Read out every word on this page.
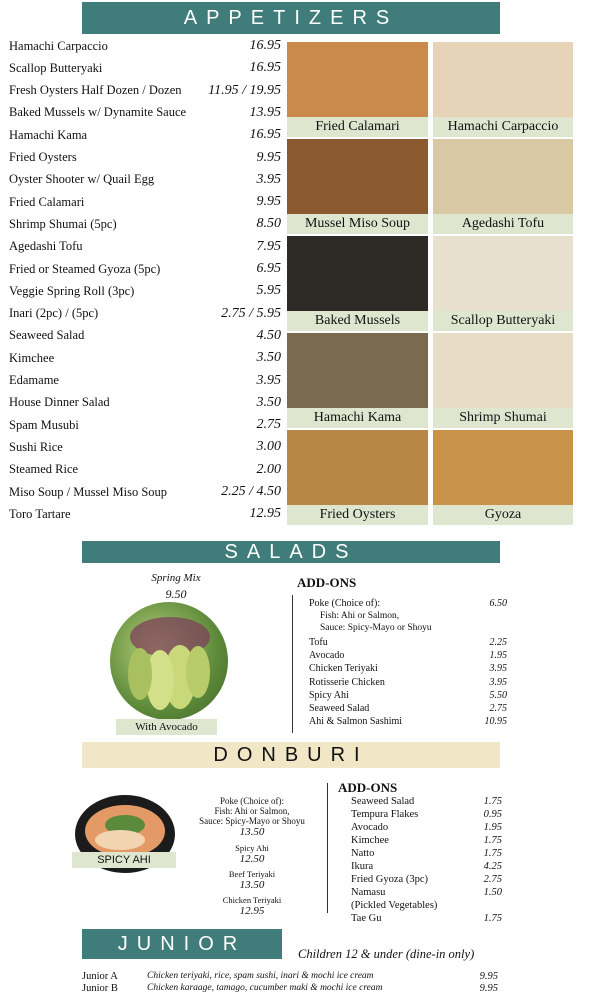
APPETIZERS
Hamachi Carpaccio	16.95
Scallop Butteryaki	16.95
Fresh Oysters Half Dozen / Dozen 11.95 / 19.95
Baked Mussels w/ Dynamite Sauce	13.95
Hamachi Kama	16.95
Fried Oysters	9.95
Oyster Shooter w/ Quail Egg	3.95
Fried Calamari	9.95
Shrimp Shumai (5pc)	8.50
Agedashi Tofu	7.95
Fried or Steamed Gyoza (5pc)	6.95
Veggie Spring Roll (3pc)	5.95
Inari (2pc) / (5pc)	2.75 / 5.95
Seaweed Salad	4.50
Kimchee	3.50
Edamame	3.95
House Dinner Salad	3.50
Spam Musubi	2.75
Sushi Rice	3.00
Steamed Rice	2.00
Miso Soup / Mussel Miso Soup	2.25 / 4.50
Toro Tartare	12.95
Fried Calamari	Hamachi Carpaccio
Mussel Miso Soup	Agedashi Tofu
Baked Mussels	Scallop Butteryaki
Hamachi Kama	Shrimp Shumai
Fried Oysters	Gyoza
SALADS
Spring Mix
9.50
With Avocado
ADD-ONS
Poke (Choice of):	6.50
Fish: Ahi or Salmon,
Sauce: Spicy-Mayo or Shoyu
Tofu	2.25
Avocado	1.95
Chicken Teriyaki	3.95
Rotisserie Chicken	3.95
Spicy Ahi	5.50
Seaweed Salad	2.75
Ahi & Salmon Sashimi	10.95
DONBURI
SPICY AHI
Poke (Choice of):
Fish: Ahi or Salmon,
Sauce: Spicy-Mayo or Shoyu
13.50
Spicy Ahi
12.50
Beef Teriyaki
13.50
Chicken Teriyaki
12.95
ADD-ONS
Seaweed Salad	1.75
Tempura Flakes	0.95
Avocado	1.95
Kimchee	1.75
Natto	1.75
Ikura	4.25
Fried Gyoza (3pc)	2.75
Namasu	1.50
(Pickled Vegetables)
Tae Gu	1.75
JUNIOR	Children 12 & under (dine-in only)
Junior A	Chicken teriyaki, rice, spam sushi, inari & mochi ice cream	9.95
Junior B	Chicken karaage, tamago, cucumber maki & mochi ice cream	9.95
